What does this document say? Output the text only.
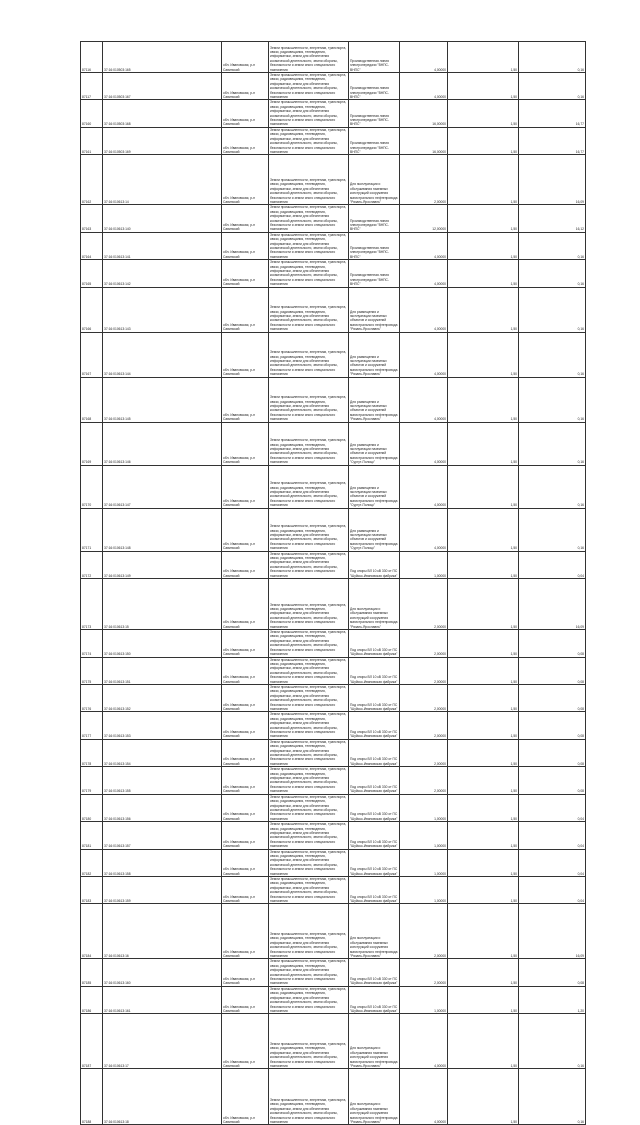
87116	37:16:010503:165	обл. Ивановская, р-н Савинский	Земли промышленности, энергетики, транспорта, связи, радиовещания, телевидения, информатики, земли для обеспечения космической деятельности, земли обороны, безопасности и земли иного специального назначения	Производственная линия электропередачи "ВНПС-ВНПС"	4,00000	1,50	0,16
87117	37:16:010503:167	обл. Ивановская, р-н Савинский	Земли промышленности, энергетики, транспорта, связи, радиовещания, телевидения, информатики, земли для обеспечения космической деятельности, земли обороны, безопасности и земли иного специального назначения	Производственная линия электропередачи "ВНПС-ВНПС"	4,00000	1,50	0,16
87160	37:16:010503:168	обл. Ивановская, р-н Савинский	Земли промышленности, энергетики, транспорта, связи, радиовещания, телевидения, информатики, земли для обеспечения космической деятельности, земли обороны, безопасности и земли иного специального назначения	Производственная линия электропередачи "ВНПС-ВНПС"	16,00000	1,50	16,77
87161	37:16:010503:169	обл. Ивановская, р-н Савинский	Земли промышленности, энергетики, транспорта, связи, радиовещания, телевидения, информатики, земли для обеспечения космической деятельности, земли обороны, безопасности и земли иного специального назначения	Производственная линия электропередачи "ВНПС-ВНПС"	16,00000	1,50	16,77
87162	37:16:010613:14	обл. Ивановская, р-н Савинский	Земли промышленности, энергетики, транспорта, связи, радиовещания, телевидения, информатики, земли для обеспечения космической деятельности, земли обороны, безопасности и земли иного специального назначения	Для эксплуатации и обслуживания наземных конструкций сооружения магистрального нефтепровода "Рязань-Ярославль"	2,00000	1,50	16,09
87163	37:16:010613:140	обл. Ивановская, р-н Савинский	Земли промышленности, энергетики, транспорта, связи, радиовещания, телевидения, информатики, земли для обеспечения космической деятельности, земли обороны, безопасности и земли иного специального назначения	Производственная линия электропередачи "ВНПС-ВНПС"	12,00000	1,50	16,12
87164	37:16:010613:141	обл. Ивановская, р-н Савинский	Земли промышленности, энергетики, транспорта, связи, радиовещания, телевидения, информатики, земли для обеспечения космической деятельности, земли обороны, безопасности и земли иного специального назначения	Производственная линия электропередачи "ВНПС-ВНПС"	4,00000	1,50	0,16
87165	37:16:010613:142	обл. Ивановская, р-н Савинский	Земли промышленности, энергетики, транспорта, связи, радиовещания, телевидения, информатики, земли для обеспечения космической деятельности, земли обороны, безопасности и земли иного специального назначения	Производственная линия электропередачи "ВНПС-ВНПС"	4,00000	1,50	0,16
87166	37:16:010613:143	обл. Ивановская, р-н Савинский	Земли промышленности, энергетики, транспорта, связи, радиовещания, телевидения, информатики, земли для обеспечения космической деятельности, земли обороны, безопасности и земли иного специального назначения	Для размещения и эксплуатации наземных объектов и сооружений магистрального нефтепровода "Рязань-Ярославль"	4,00000	1,50	0,16
87167	37:16:010613:144	обл. Ивановская, р-н Савинский	Земли промышленности, энергетики, транспорта, связи, радиовещания, телевидения, информатики, земли для обеспечения космической деятельности, земли обороны, безопасности и земли иного специального назначения	Для размещения и эксплуатации наземных объектов и сооружений магистрального нефтепровода "Рязань-Ярославль"	4,00000	1,50	0,16
87168	37:16:010613:145	обл. Ивановская, р-н Савинский	Земли промышленности, энергетики, транспорта, связи, радиовещания, телевидения, информатики, земли для обеспечения космической деятельности, земли обороны, безопасности и земли иного специального назначения	Для размещения и эксплуатации наземных объектов и сооружений магистрального нефтепровода "Рязань-Ярославль"	4,00000	1,50	0,16
87169	37:16:010613:146	обл. Ивановская, р-н Савинский	Земли промышленности, энергетики, транспорта, связи, радиовещания, телевидения, информатики, земли для обеспечения космической деятельности, земли обороны, безопасности и земли иного специального назначения	Для размещения и эксплуатации наземных объектов и сооружений магистрального нефтепровода "Сургут-Полоцк"	4,00000	1,50	0,16
87170	37:16:010613:147	обл. Ивановская, р-н Савинский	Земли промышленности, энергетики, транспорта, связи, радиовещания, телевидения, информатики, земли для обеспечения космической деятельности, земли обороны, безопасности и земли иного специального назначения	Для размещения и эксплуатации наземных объектов и сооружений магистрального нефтепровода "Сургут-Полоцк"	4,00000	1,50	0,16
87171	37:16:010613:148	обл. Ивановская, р-н Савинский	Земли промышленности, энергетики, транспорта, связи, радиовещания, телевидения, информатики, земли для обеспечения космической деятельности, земли обороны, безопасности и земли иного специального назначения	Для размещения и эксплуатации наземных объектов и сооружений магистрального нефтепровода "Сургут-Полоцк"	4,00000	1,50	0,16
87172	37:16:010613:149	обл. Ивановская, р-н Савинский	Земли промышленности, энергетики, транспорта, связи, радиовещания, телевидения, информатики, земли для обеспечения космической деятельности, земли обороны, безопасности и земли иного специального назначения	Под опоры ВЛ 10 кВ 330 от ПС "Шуйско-Ивановская фабрика"	1,00000	1,50	0,04
87173	37:16:010613:15	обл. Ивановская, р-н Савинский	Земли промышленности, энергетики, транспорта, связи, радиовещания, телевидения, информатики, земли для обеспечения космической деятельности, земли обороны, безопасности и земли иного специального назначения	Для эксплуатации и обслуживания наземных конструкций сооружения магистрального нефтепровода "Рязань-Ярославль"	2,00000	1,50	16,09
87174	37:16:010613:150	обл. Ивановская, р-н Савинский	Земли промышленности, энергетики, транспорта, связи, радиовещания, телевидения, информатики, земли для обеспечения космической деятельности, земли обороны, безопасности и земли иного специального назначения	Под опоры ВЛ 10 кВ 330 от ПС "Шуйско-Ивановская фабрика"	2,00000	1,50	0,08
87175	37:16:010613:151	обл. Ивановская, р-н Савинский	Земли промышленности, энергетики, транспорта, связи, радиовещания, телевидения, информатики, земли для обеспечения космической деятельности, земли обороны, безопасности и земли иного специального назначения	Под опоры ВЛ 10 кВ 330 от ПС "Шуйско-Ивановская фабрика"	2,00000	1,50	0,08
87176	37:16:010613:152	обл. Ивановская, р-н Савинский	Земли промышленности, энергетики, транспорта, связи, радиовещания, телевидения, информатики, земли для обеспечения космической деятельности, земли обороны, безопасности и земли иного специального назначения	Под опоры ВЛ 10 кВ 330 от ПС "Шуйско-Ивановская фабрика"	2,00000	1,50	0,08
87177	37:16:010613:153	обл. Ивановская, р-н Савинский	Земли промышленности, энергетики, транспорта, связи, радиовещания, телевидения, информатики, земли для обеспечения космической деятельности, земли обороны, безопасности и земли иного специального назначения	Под опоры ВЛ 10 кВ 330 от ПС "Шуйско-Ивановская фабрика"	2,00000	1,50	0,08
87178	37:16:010613:154	обл. Ивановская, р-н Савинский	Земли промышленности, энергетики, транспорта, связи, радиовещания, телевидения, информатики, земли для обеспечения космической деятельности, земли обороны, безопасности и земли иного специального назначения	Под опоры ВЛ 10 кВ 330 от ПС "Шуйско-Ивановская фабрика"	2,00000	1,50	0,08
87179	37:16:010613:155	обл. Ивановская, р-н Савинский	Земли промышленности, энергетики, транспорта, связи, радиовещания, телевидения, информатики, земли для обеспечения космической деятельности, земли обороны, безопасности и земли иного специального назначения	Под опоры ВЛ 10 кВ 330 от ПС "Шуйско-Ивановская фабрика"	2,00000	1,50	0,08
87180	37:16:010613:156	обл. Ивановская, р-н Савинский	Земли промышленности, энергетики, транспорта, связи, радиовещания, телевидения, информатики, земли для обеспечения космической деятельности, земли обороны, безопасности и земли иного специального назначения	Под опоры ВЛ 10 кВ 330 от ПС "Шуйско-Ивановская фабрика"	1,00000	1,50	0,04
87181	37:16:010613:157	обл. Ивановская, р-н Савинский	Земли промышленности, энергетики, транспорта, связи, радиовещания, телевидения, информатики, земли для обеспечения космической деятельности, земли обороны, безопасности и земли иного специального назначения	Под опоры ВЛ 10 кВ 330 от ПС "Шуйско-Ивановская фабрика"	1,00000	1,50	0,04
87182	37:16:010613:158	обл. Ивановская, р-н Савинский	Земли промышленности, энергетики, транспорта, связи, радиовещания, телевидения, информатики, земли для обеспечения космической деятельности, земли обороны, безопасности и земли иного специального назначения	Под опоры ВЛ 10 кВ 330 от ПС "Шуйско-Ивановская фабрика"	1,00000	1,50	0,04
87183	37:16:010613:159	обл. Ивановская, р-н Савинский	Земли промышленности, энергетики, транспорта, связи, радиовещания, телевидения, информатики, земли для обеспечения космической деятельности, земли обороны, безопасности и земли иного специального назначения	Под опоры ВЛ 10 кВ 330 от ПС "Шуйско-Ивановская фабрика"	1,00000	1,50	0,04
87184	37:16:010613:16	обл. Ивановская, р-н Савинский	Земли промышленности, энергетики, транспорта, связи, радиовещания, телевидения, информатики, земли для обеспечения космической деятельности, земли обороны, безопасности и земли иного специального назначения	Для эксплуатации и обслуживания наземных конструкций сооружения магистрального нефтепровода "Рязань-Ярославль"	2,00000	1,50	16,09
87185	37:16:010613:160	обл. Ивановская, р-н Савинский	Земли промышленности, энергетики, транспорта, связи, радиовещания, телевидения, информатики, земли для обеспечения космической деятельности, земли обороны, безопасности и земли иного специального назначения	Под опоры ВЛ 10 кВ 330 от ПС "Шуйско-Ивановская фабрика"	2,00000	1,50	0,08
87186	37:16:010613:161	обл. Ивановская, р-н Савинский	Земли промышленности, энергетики, транспорта, связи, радиовещания, телевидения, информатики, земли для обеспечения космической деятельности, земли обороны, безопасности и земли иного специального назначения	Под опоры ВЛ 10 кВ 330 от ПС "Шуйско-Ивановская фабрика"	1,00000	1,50	1,20
87187	37:16:010613:17	обл. Ивановская, р-н Савинский	Земли промышленности, энергетики, транспорта, связи, радиовещания, телевидения, информатики, земли для обеспечения космической деятельности, земли обороны, безопасности и земли иного специального назначения	Для эксплуатации и обслуживания наземных конструкций сооружения магистрального нефтепровода "Рязань-Ярославль"	4,00000	1,50	0,16
87188	37:16:010613:18	обл. Ивановская, р-н Савинский	Земли промышленности, энергетики, транспорта, связи, радиовещания, телевидения, информатики, земли для обеспечения космической деятельности, земли обороны, безопасности и земли иного специального назначения	Для эксплуатации и обслуживания наземных конструкций сооружения магистрального нефтепровода "Рязань-Ярославль"	4,00000	1,50	0,16
